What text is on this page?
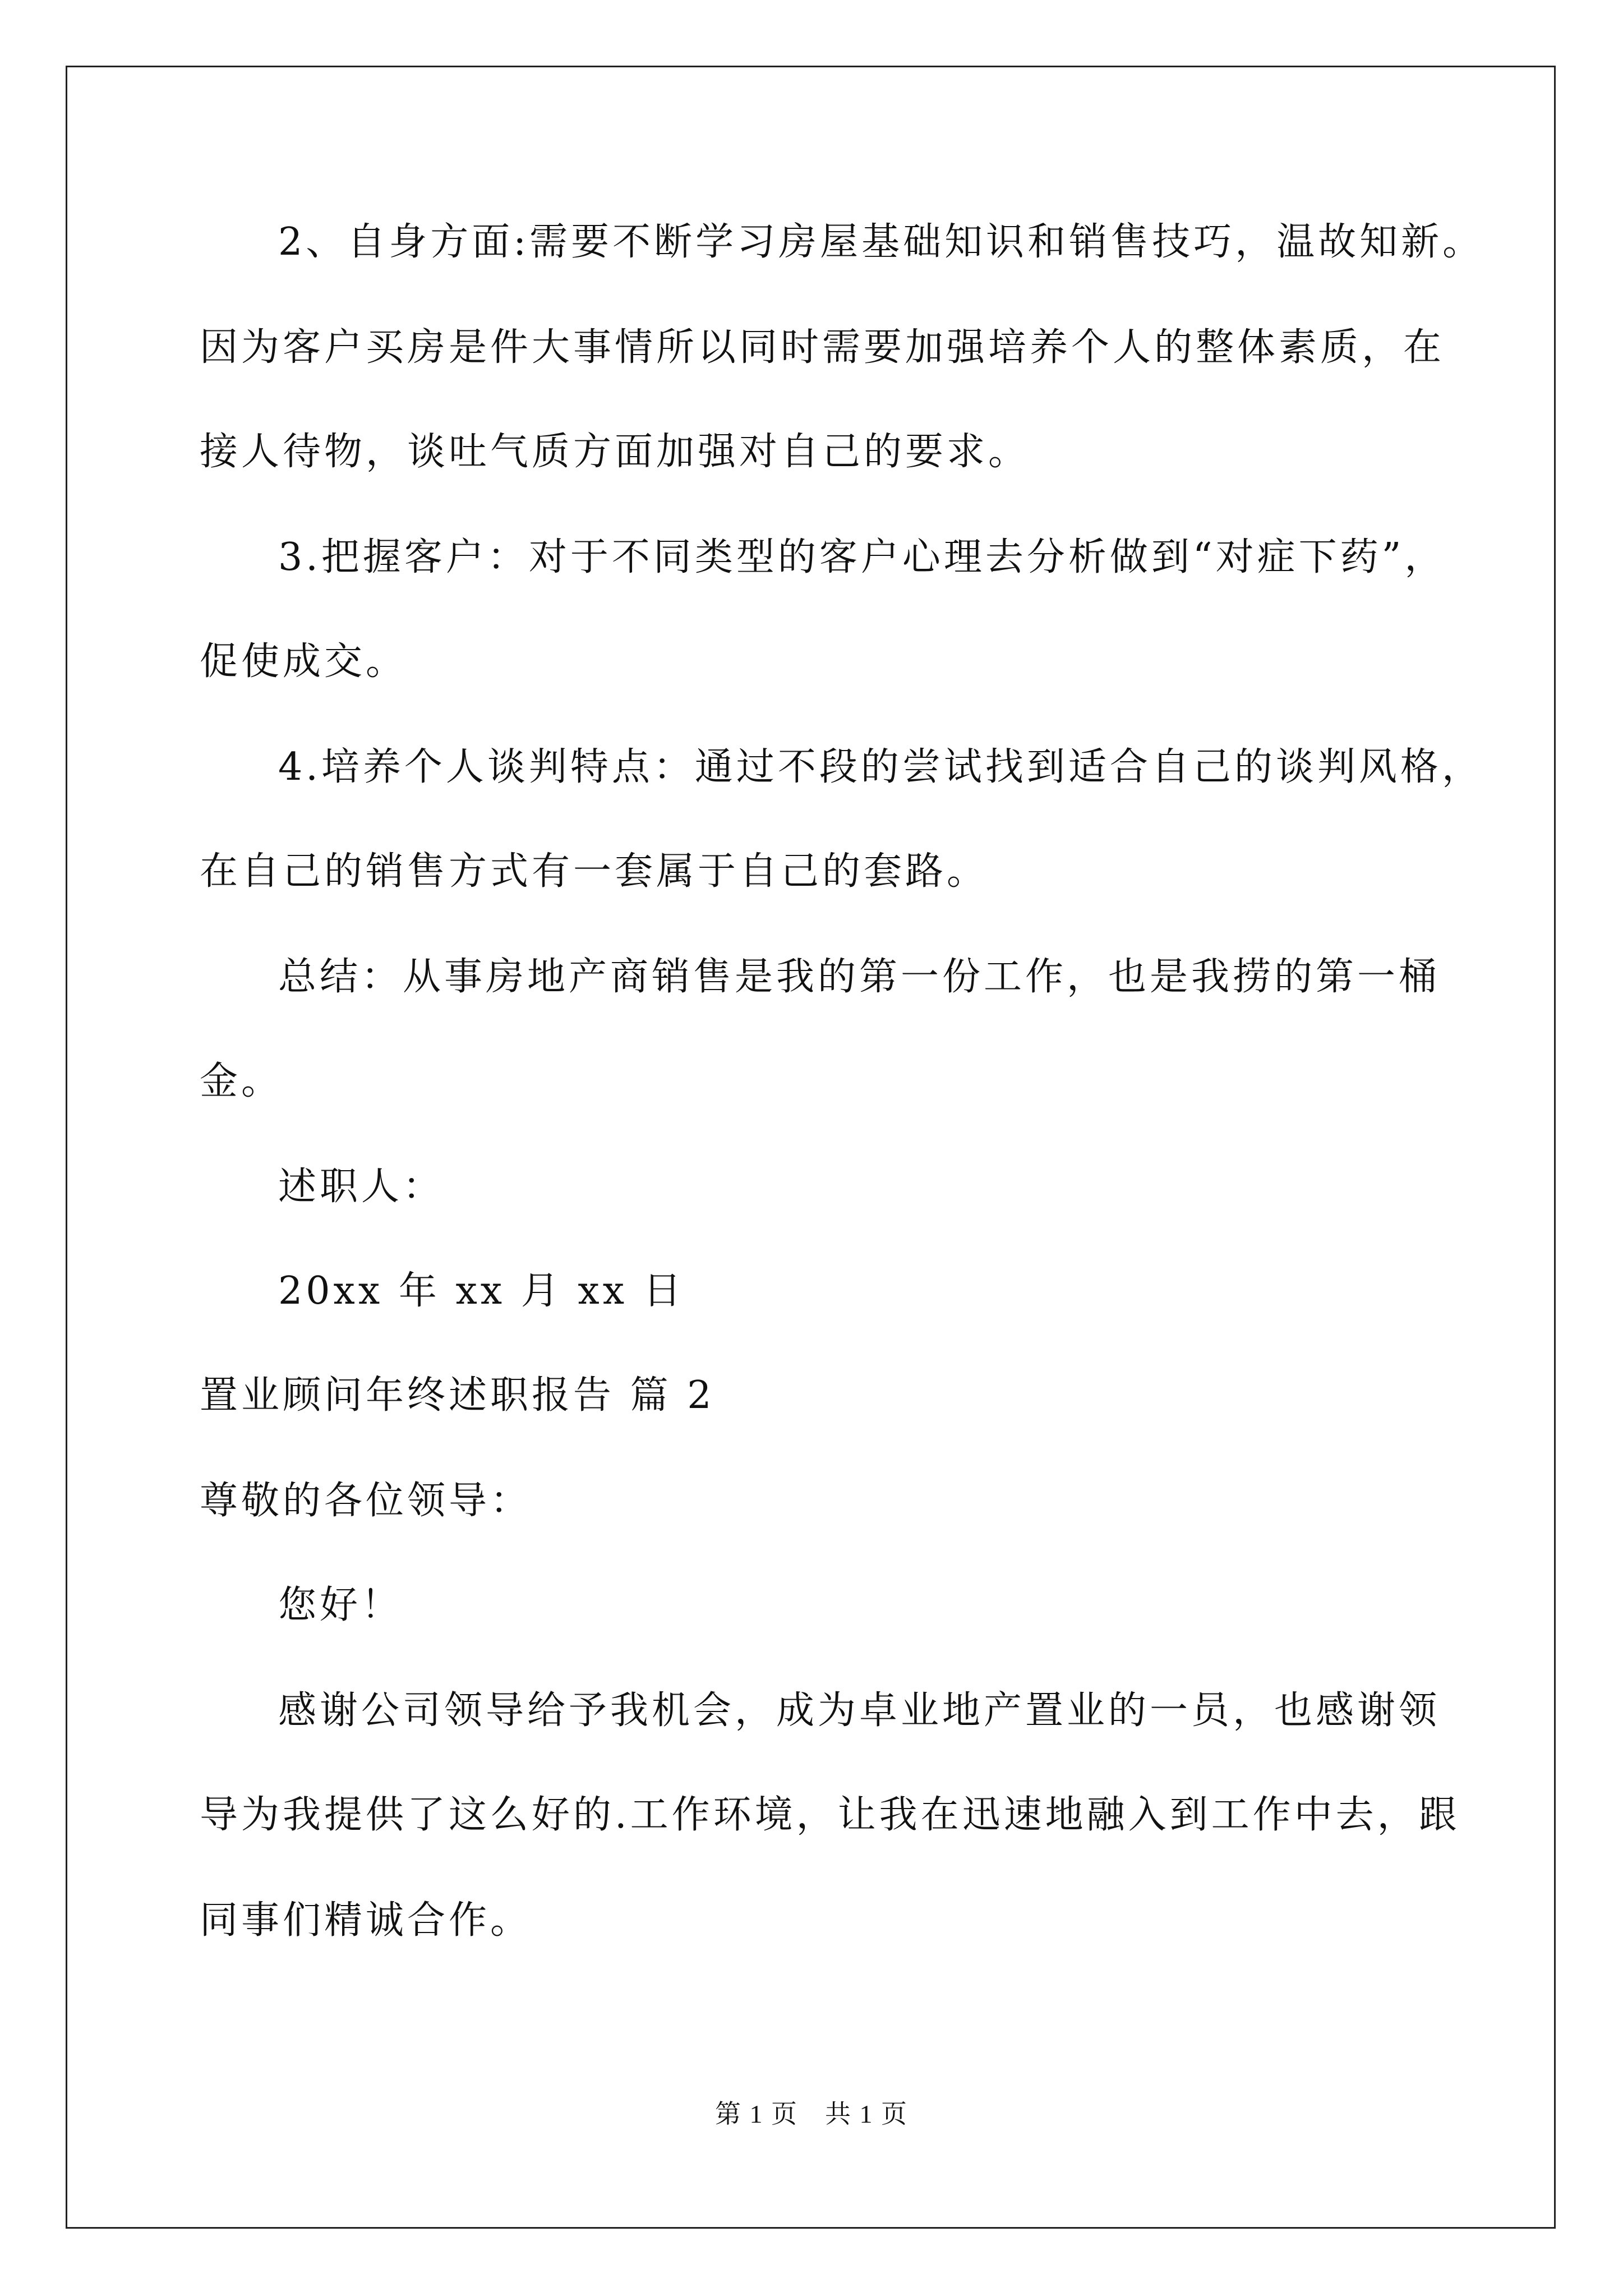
2、自身方面:需要不断学习房屋基础知识和销售技巧，温故知新。
因为客户买房是件大事情所以同时需要加强培养个人的整体素质，在
接人待物，谈吐气质方面加强对自己的要求。
3.把握客户：对于不同类型的客户心理去分析做到“对症下药”，
促使成交。
4.培养个人谈判特点：通过不段的尝试找到适合自己的谈判风格，
在自己的销售方式有一套属于自己的套路。
总结：从事房地产商销售是我的第一份工作，也是我捞的第一桶
金。
述职人：
20xx 年 xx 月 xx 日
置业顾问年终述职报告 篇 2
尊敬的各位领导：
您好！
感谢公司领导给予我机会，成为卓业地产置业的一员，也感谢领
导为我提供了这么好的.工作环境，让我在迅速地融入到工作中去，跟
同事们精诚合作。
第 1 页　共 1 页
